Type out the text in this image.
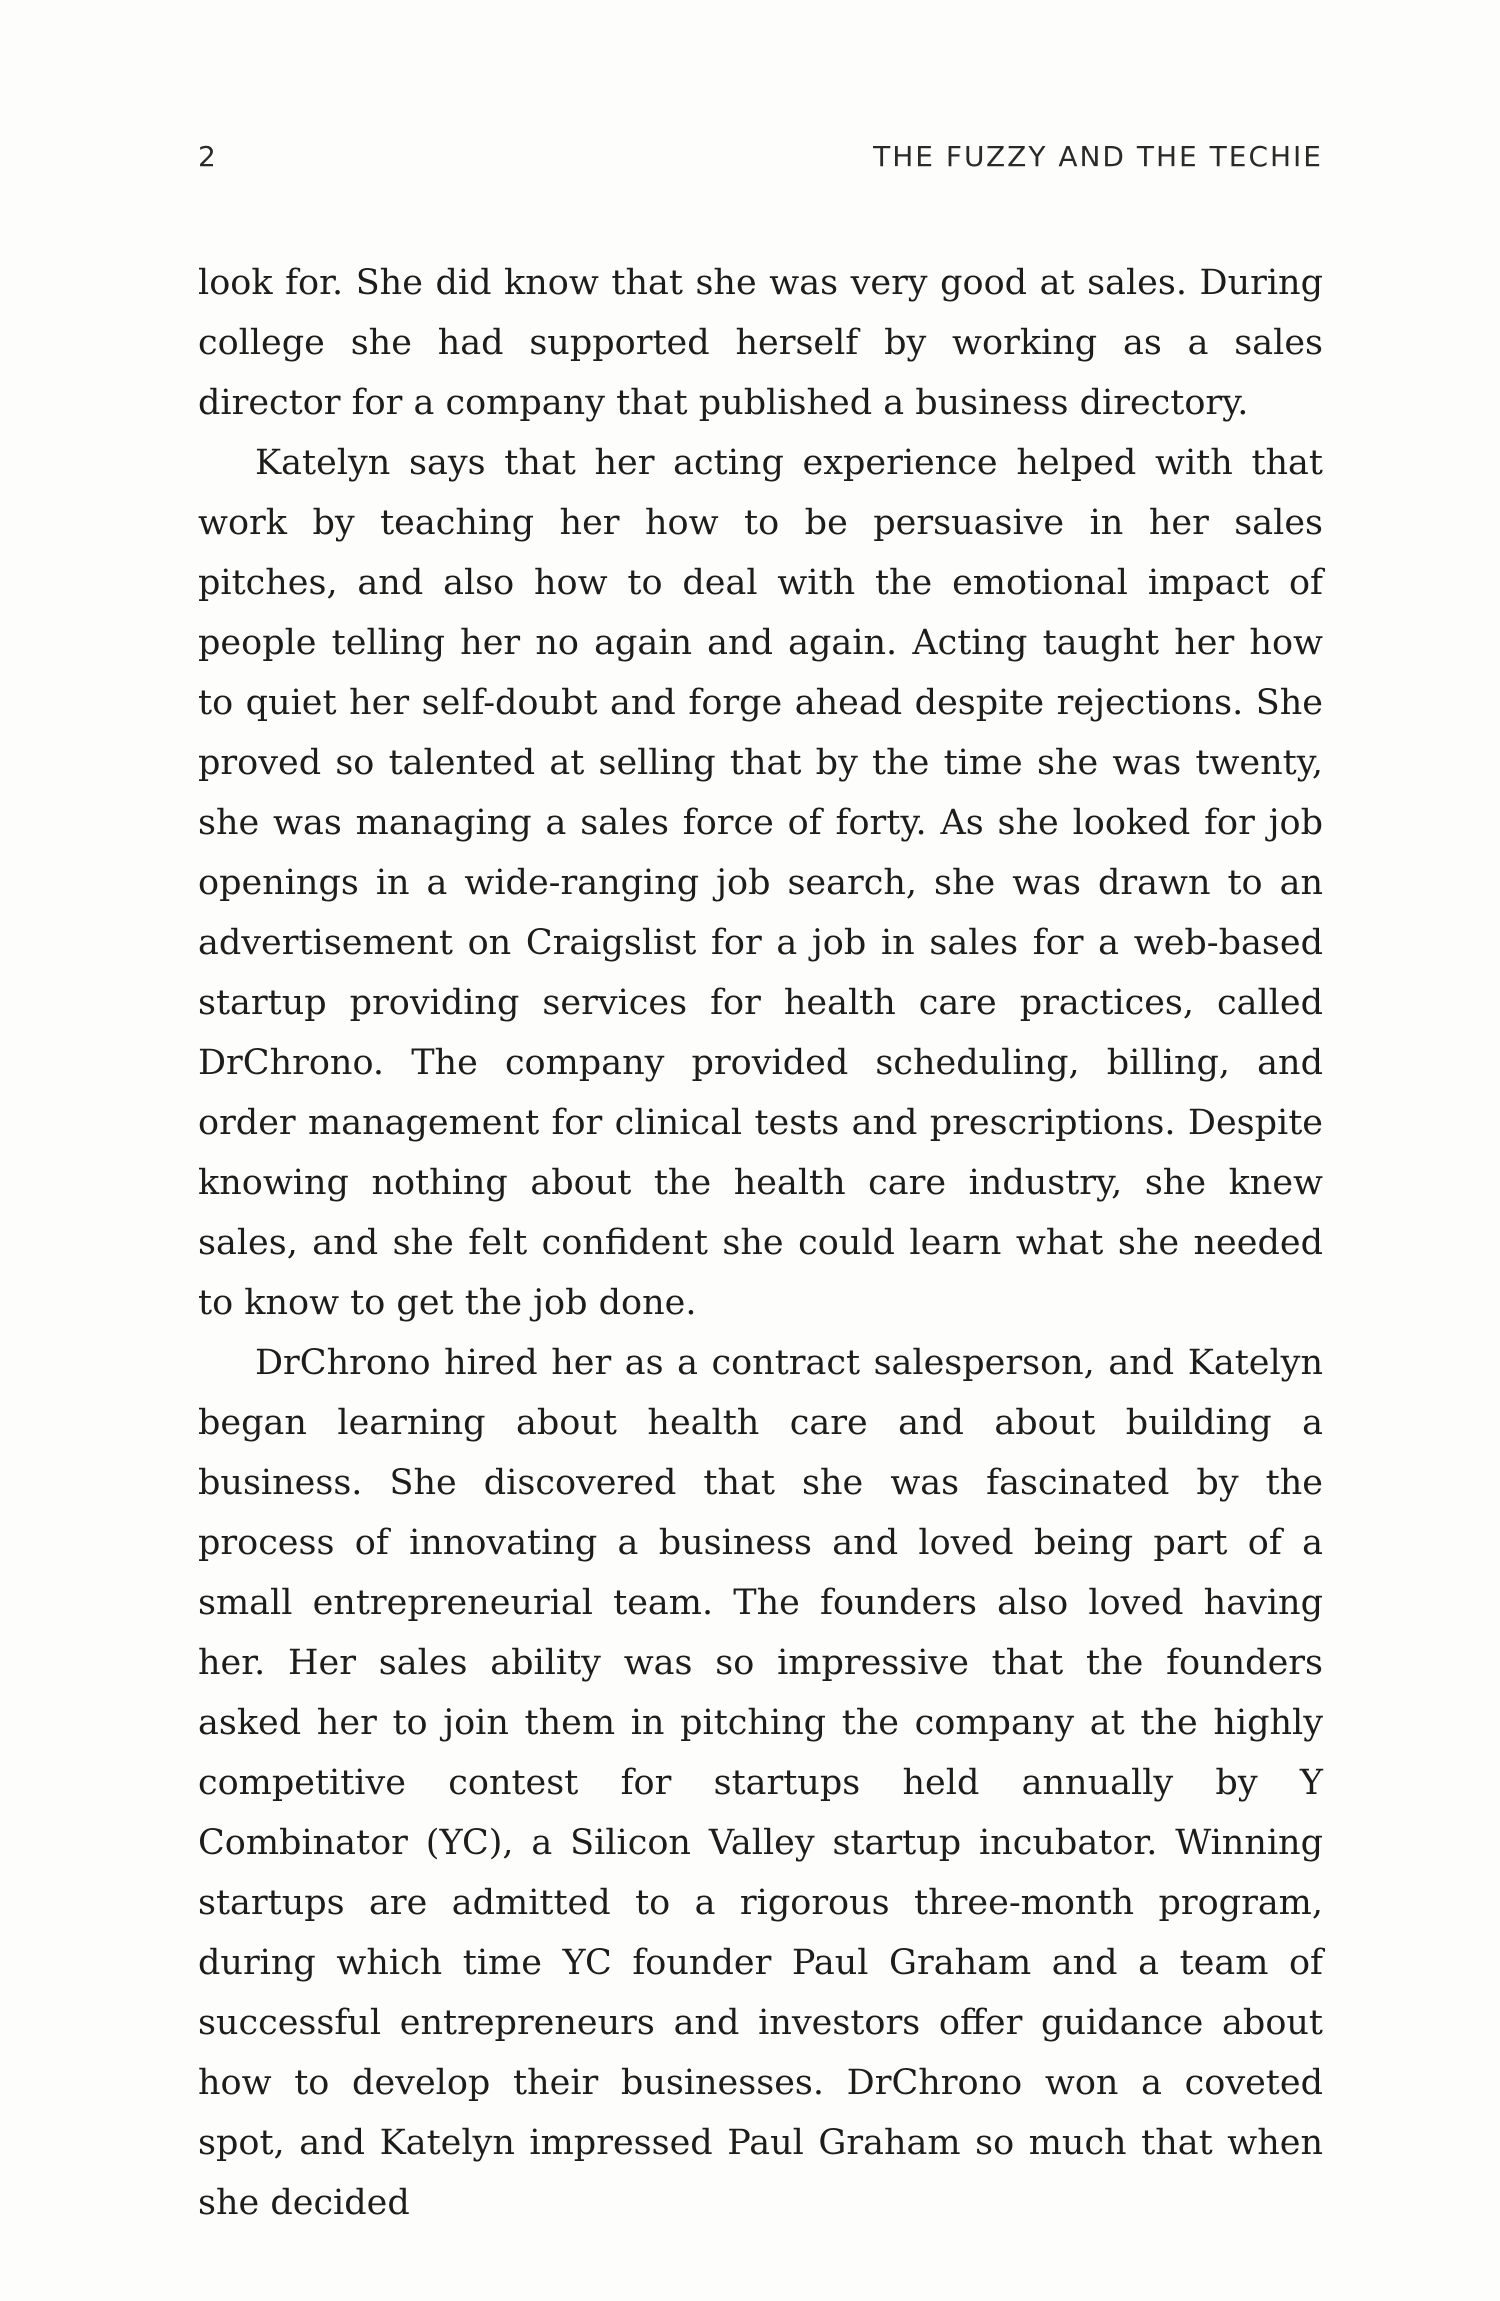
2	THE FUZZY AND THE TECHIE

look for. She did know that she was very good at sales. During college she had supported herself by working as a sales director for a company that published a business directory.

Katelyn says that her acting experience helped with that work by teaching her how to be persuasive in her sales pitches, and also how to deal with the emotional impact of people telling her no again and again. Acting taught her how to quiet her self-doubt and forge ahead despite rejections. She proved so talented at selling that by the time she was twenty, she was managing a sales force of forty. As she looked for job openings in a wide-ranging job search, she was drawn to an advertisement on Craigslist for a job in sales for a web-based startup providing services for health care practices, called DrChrono. The company provided scheduling, billing, and order management for clinical tests and prescriptions. Despite knowing nothing about the health care industry, she knew sales, and she felt confident she could learn what she needed to know to get the job done.

DrChrono hired her as a contract salesperson, and Katelyn began learning about health care and about building a business. She discovered that she was fascinated by the process of innovating a business and loved being part of a small entrepreneurial team. The founders also loved having her. Her sales ability was so impressive that the founders asked her to join them in pitching the company at the highly competitive contest for startups held annually by Y Combinator (YC), a Silicon Valley startup incubator. Winning startups are admitted to a rigorous three-month program, during which time YC founder Paul Graham and a team of successful entrepreneurs and investors offer guidance about how to develop their businesses. DrChrono won a coveted spot, and Katelyn impressed Paul Graham so much that when she decided
